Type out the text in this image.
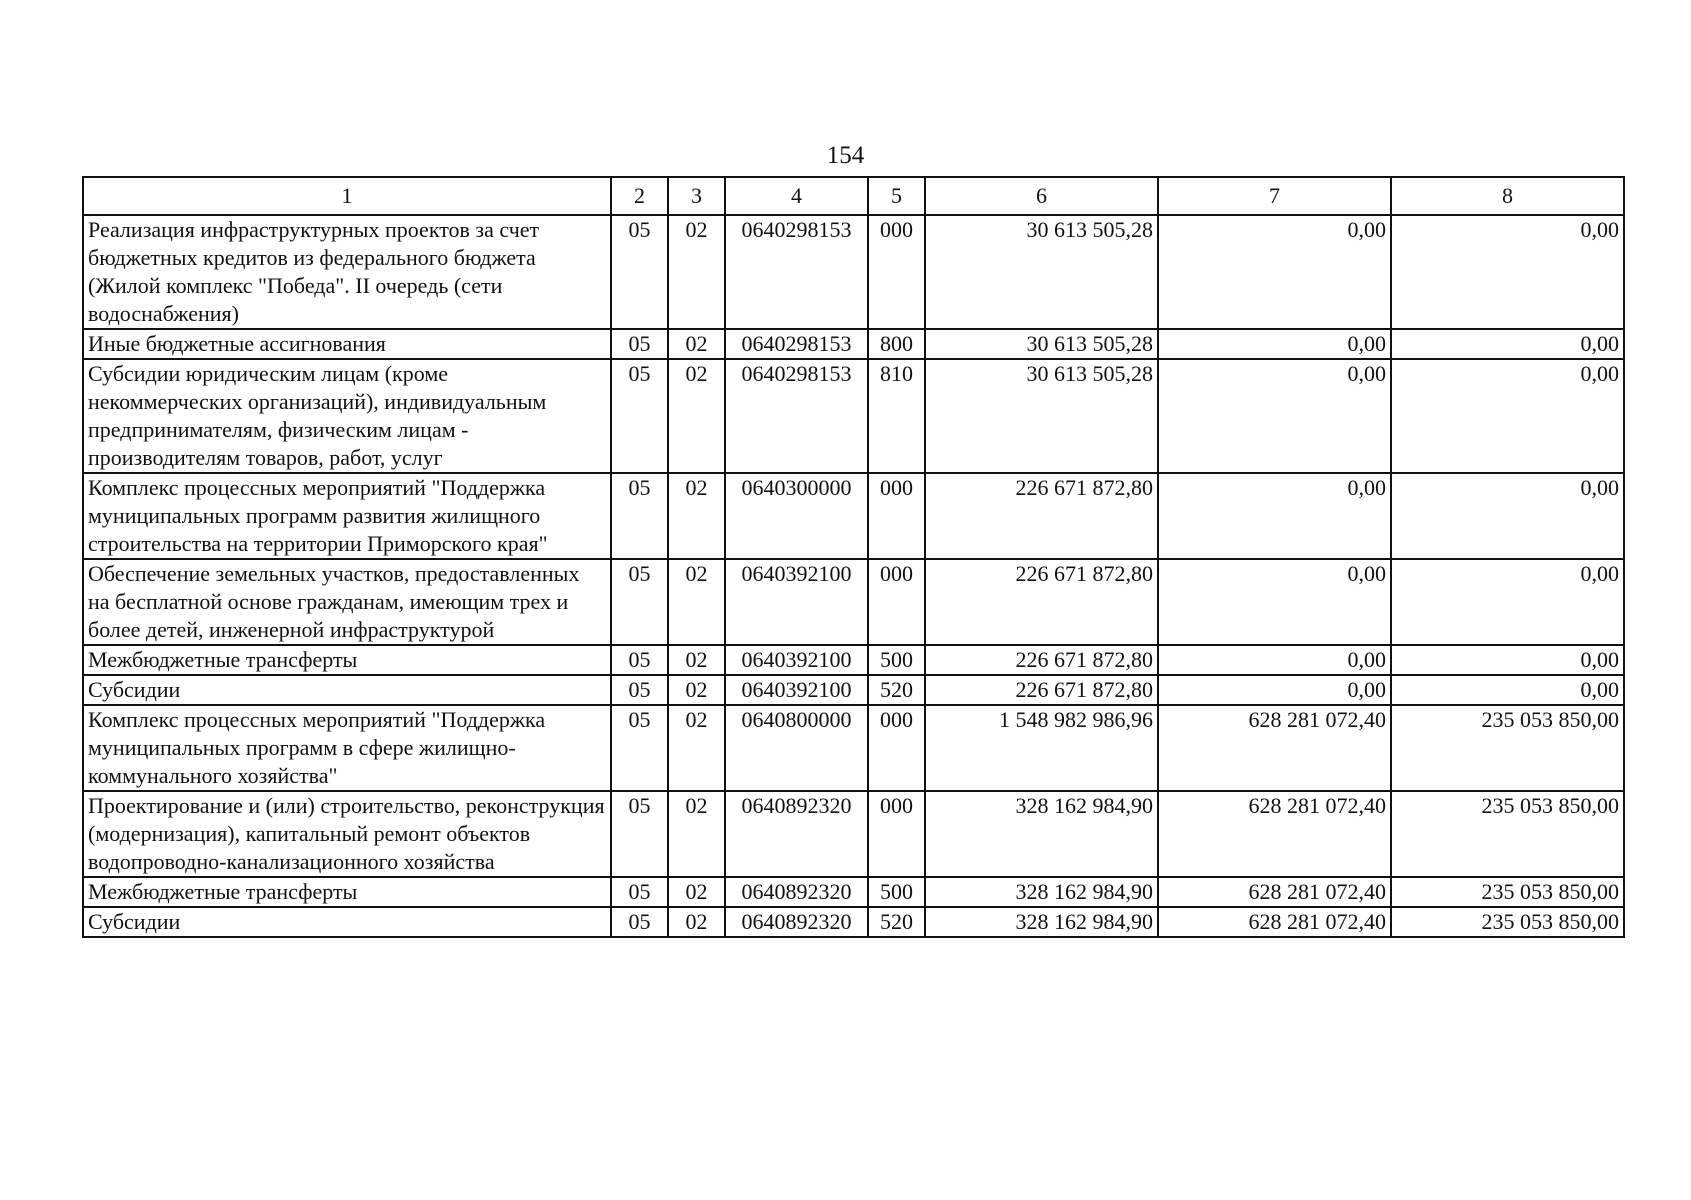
154
1	2	3	4	5	6	7	8
Реализация инфраструктурных проектов за счет бюджетных кредитов из федерального бюджета (Жилой комплекс "Победа". II очередь (сети водоснабжения)	05	02	0640298153	000	30 613 505,28	0,00	0,00
Иные бюджетные ассигнования	05	02	0640298153	800	30 613 505,28	0,00	0,00
Субсидии юридическим лицам (кроме некоммерческих организаций), индивидуальным предпринимателям, физическим лицам - производителям товаров, работ, услуг	05	02	0640298153	810	30 613 505,28	0,00	0,00
Комплекс процессных мероприятий "Поддержка муниципальных программ развития жилищного строительства на территории Приморского края"	05	02	0640300000	000	226 671 872,80	0,00	0,00
Обеспечение земельных участков, предоставленных на бесплатной основе гражданам, имеющим трех и более детей, инженерной инфраструктурой	05	02	0640392100	000	226 671 872,80	0,00	0,00
Межбюджетные трансферты	05	02	0640392100	500	226 671 872,80	0,00	0,00
Субсидии	05	02	0640392100	520	226 671 872,80	0,00	0,00
Комплекс процессных мероприятий "Поддержка муниципальных программ в сфере жилищно-коммунального хозяйства"	05	02	0640800000	000	1 548 982 986,96	628 281 072,40	235 053 850,00
Проектирование и (или) строительство, реконструкция (модернизация), капитальный ремонт объектов водопроводно-канализационного хозяйства	05	02	0640892320	000	328 162 984,90	628 281 072,40	235 053 850,00
Межбюджетные трансферты	05	02	0640892320	500	328 162 984,90	628 281 072,40	235 053 850,00
Субсидии	05	02	0640892320	520	328 162 984,90	628 281 072,40	235 053 850,00
